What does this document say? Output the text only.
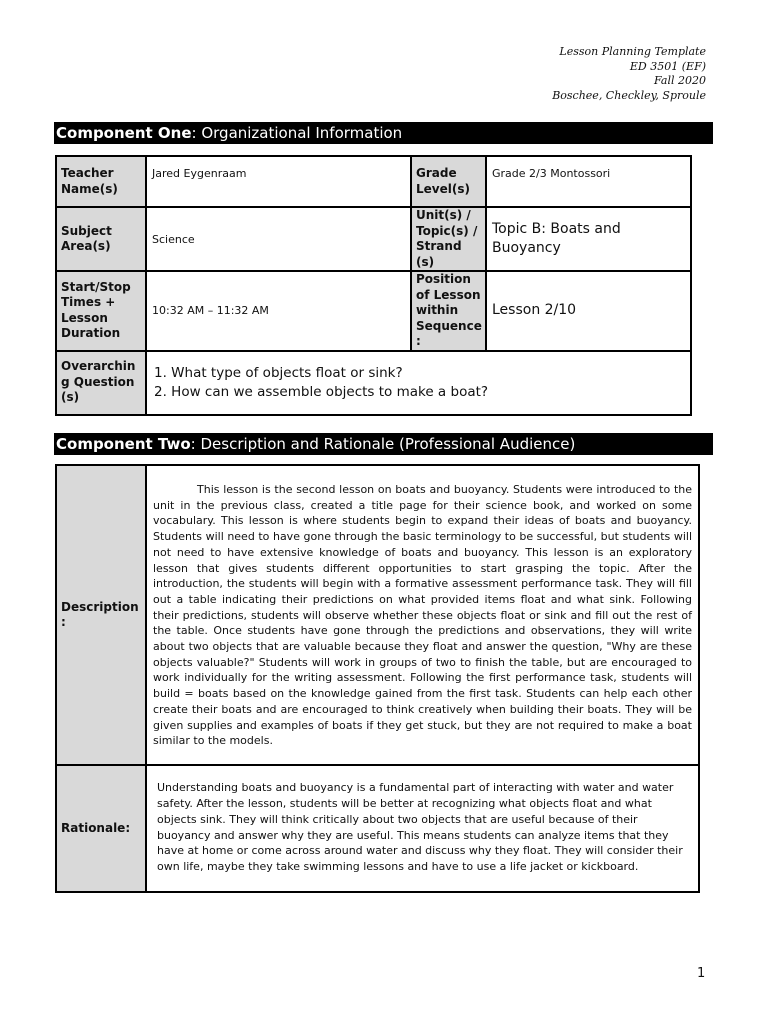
Lesson Planning Template
ED 3501 (EF)
Fall 2020
Boschee, Checkley, Sproule
Component One: Organizational Information
Teacher Name(s)	Jared Eygenraam	Grade Level(s)	Grade 2/3 Montossori
Subject Area(s)	Science	Unit(s) / Topic(s) / Strand (s)	Topic B: Boats and Buoyancy
Start/Stop Times + Lesson Duration	10:32 AM – 11:32 AM	Position of Lesson within Sequence :	Lesson 2/10
Overarching Question(s)	1. What type of objects float or sink?
2. How can we assemble objects to make a boat?		
Component Two: Description and Rationale (Professional Audience)
Description :	This lesson is the second lesson on boats and buoyancy. Students were introduced to the unit in the previous class, created a title page for their science book, and worked on some vocabulary. This lesson is where students begin to expand their ideas of boats and buoyancy. Students will need to have gone through the basic terminology to be successful, but students will not need to have extensive knowledge of boats and buoyancy. This lesson is an exploratory lesson that gives students different opportunities to start grasping the topic. After the introduction, the students will begin with a formative assessment performance task. They will fill out a table indicating their predictions on what provided items float and what sink. Following their predictions, students will observe whether these objects float or sink and fill out the rest of the table. Once students have gone through the predictions and observations, they will write about two objects that are valuable because they float and answer the question, "Why are these objects valuable?" Students will work in groups of two to finish the table, but are encouraged to work individually for the writing assessment. Following the first performance task, students will build = boats based on the knowledge gained from the first task. Students can help each other create their boats and are encouraged to think creatively when building their boats. They will be given supplies and examples of boats if they get stuck, but they are not required to make a boat similar to the models.

Rationale:	Understanding boats and buoyancy is a fundamental part of interacting with water and water safety. After the lesson, students will be better at recognizing what objects float and what objects sink. They will think critically about two objects that are useful because of their buoyancy and answer why they are useful. This means students can analyze items that they have at home or come across around water and discuss why they float. They will consider their own life, maybe they take swimming lessons and have to use a life jacket or kickboard.
1
